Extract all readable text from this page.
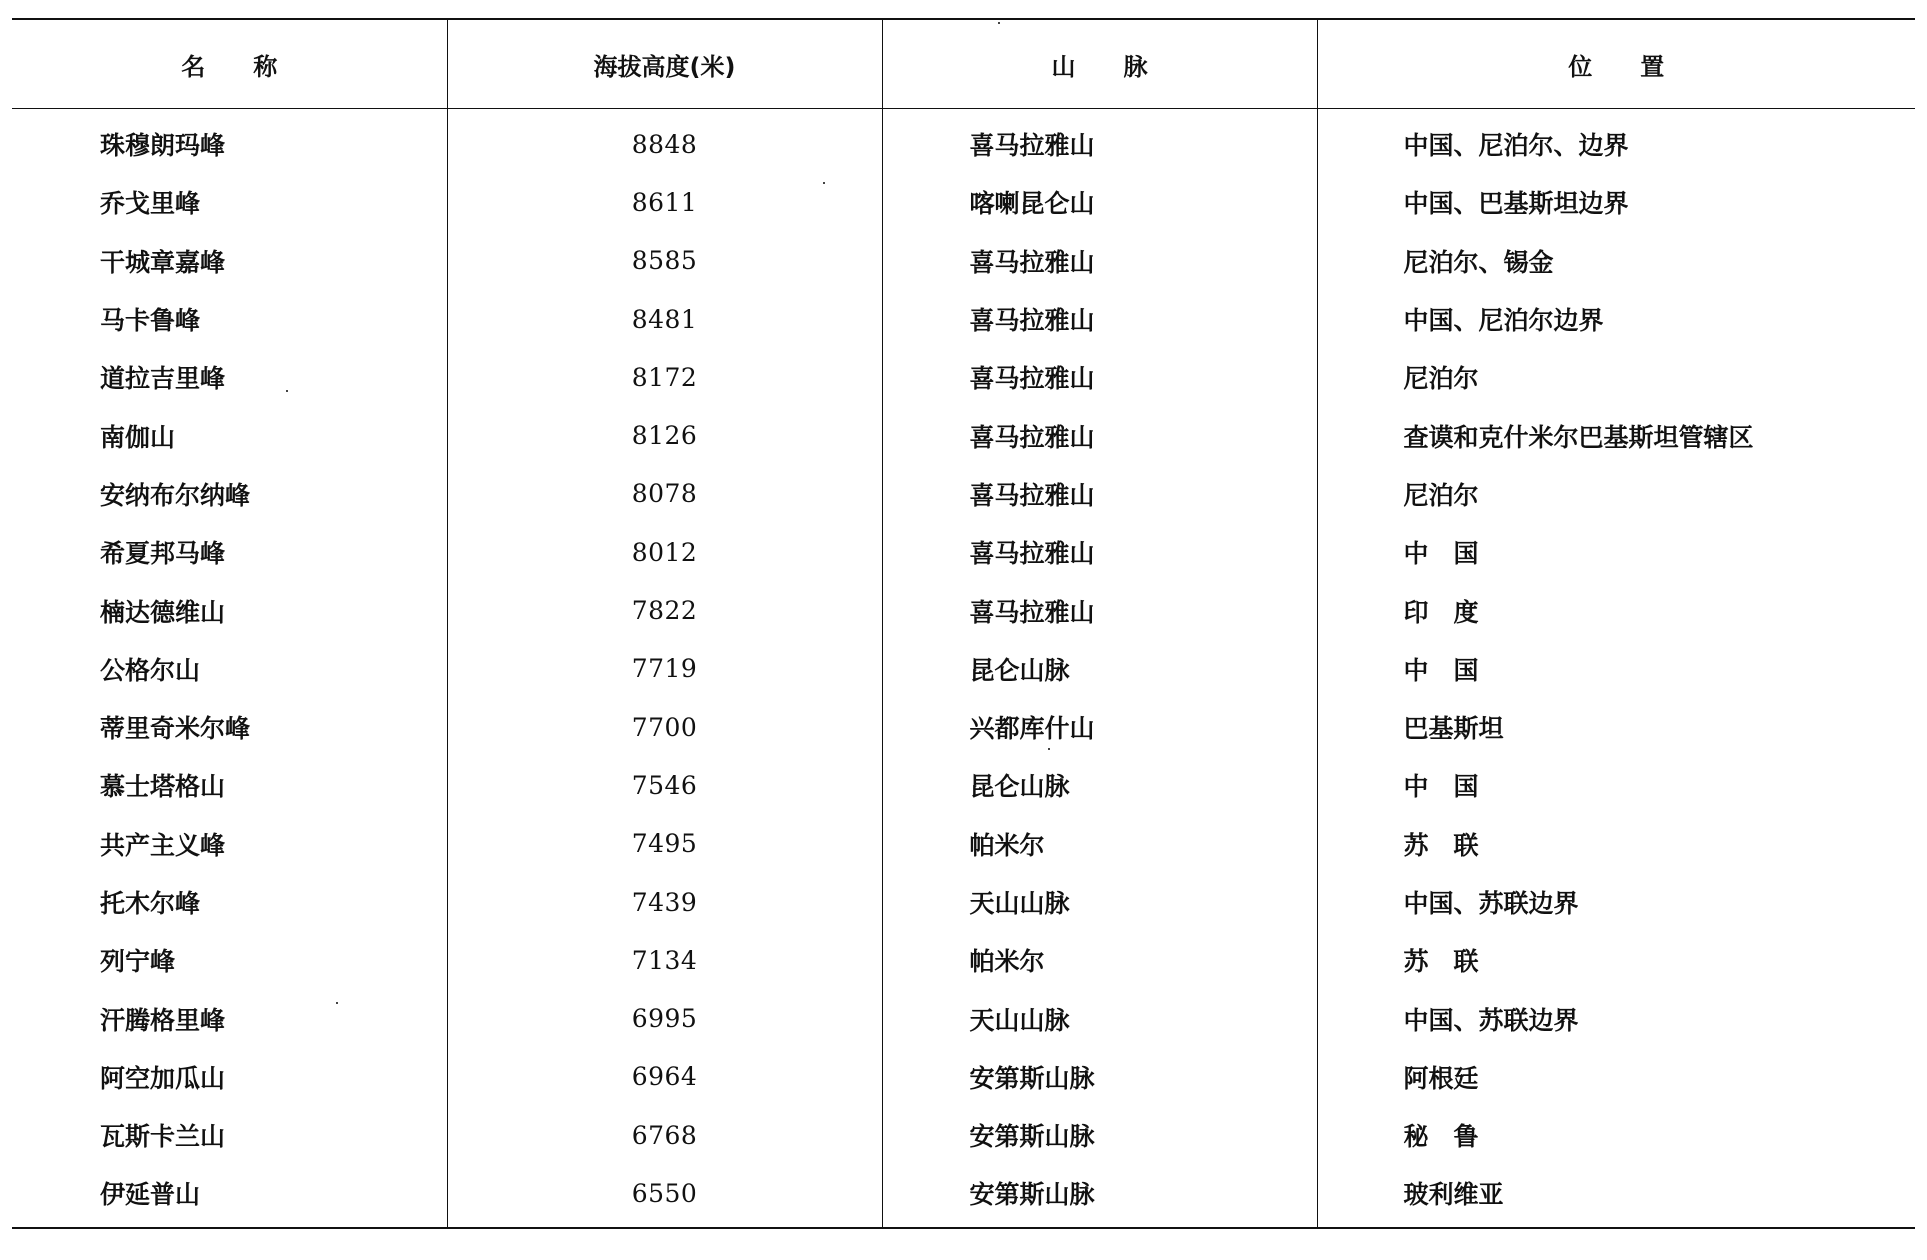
名　　称	海拔高度(米)	山　　脉	位　　置
珠穆朗玛峰	8848	喜马拉雅山	中国、尼泊尔、边界
乔戈里峰	8611	喀喇昆仑山	中国、巴基斯坦边界
干城章嘉峰	8585	喜马拉雅山	尼泊尔、锡金
马卡鲁峰	8481	喜马拉雅山	中国、尼泊尔边界
道拉吉里峰	8172	喜马拉雅山	尼泊尔
南伽山	8126	喜马拉雅山	查谟和克什米尔巴基斯坦管辖区
安纳布尔纳峰	8078	喜马拉雅山	尼泊尔
希夏邦马峰	8012	喜马拉雅山	中　国
楠达德维山	7822	喜马拉雅山	印　度
公格尔山	7719	昆仑山脉	中　国
蒂里奇米尔峰	7700	兴都库什山	巴基斯坦
慕士塔格山	7546	昆仑山脉	中　国
共产主义峰	7495	帕米尔	苏　联
托木尔峰	7439	天山山脉	中国、苏联边界
列宁峰	7134	帕米尔	苏　联
汗腾格里峰	6995	天山山脉	中国、苏联边界
阿空加瓜山	6964	安第斯山脉	阿根廷
瓦斯卡兰山	6768	安第斯山脉	秘　鲁
伊延普山	6550	安第斯山脉	玻利维亚
